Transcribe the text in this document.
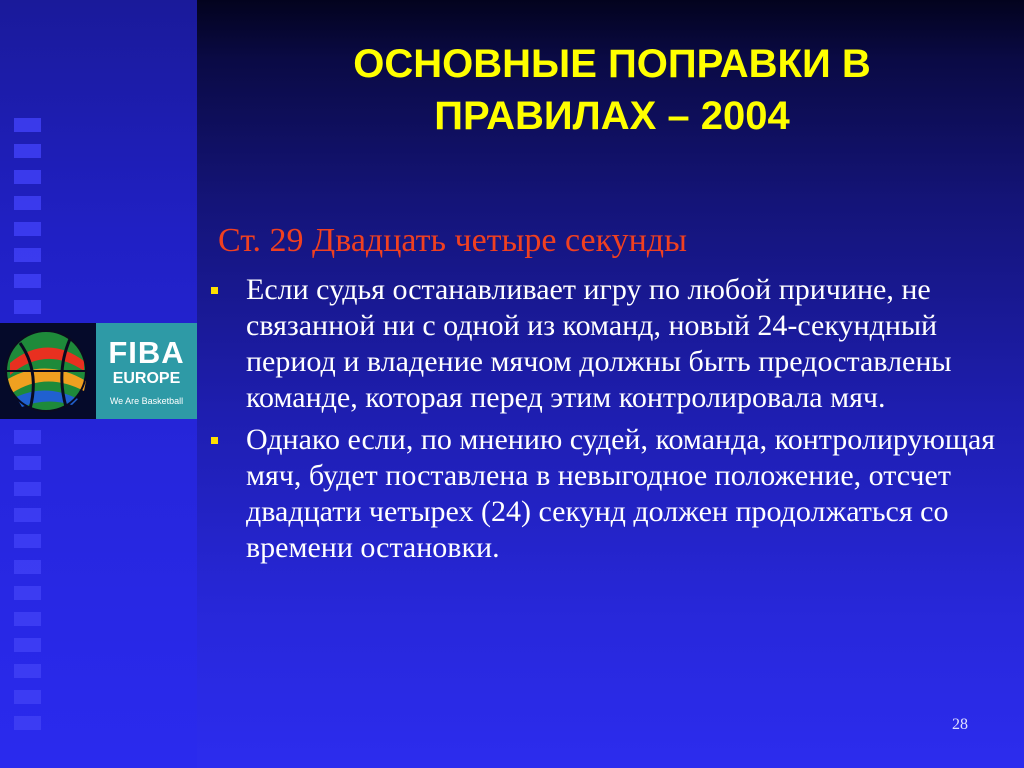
FIBA
EUROPE
We Are Basketball
ОСНОВНЫЕ ПОПРАВКИ В ПРАВИЛАХ – 2004
Ст. 29 Двадцать четыре секунды
Если судья останавливает игру по любой причине, не связанной ни с одной из команд, новый 24-секундный период и владение мячом должны быть предоставлены команде, которая перед этим контролировала мяч.
Однако если, по мнению судей, команда, контролирующая мяч, будет поставлена в невыгодное положение, отсчет двадцати четырех (24) секунд должен продолжаться со времени остановки.
28
